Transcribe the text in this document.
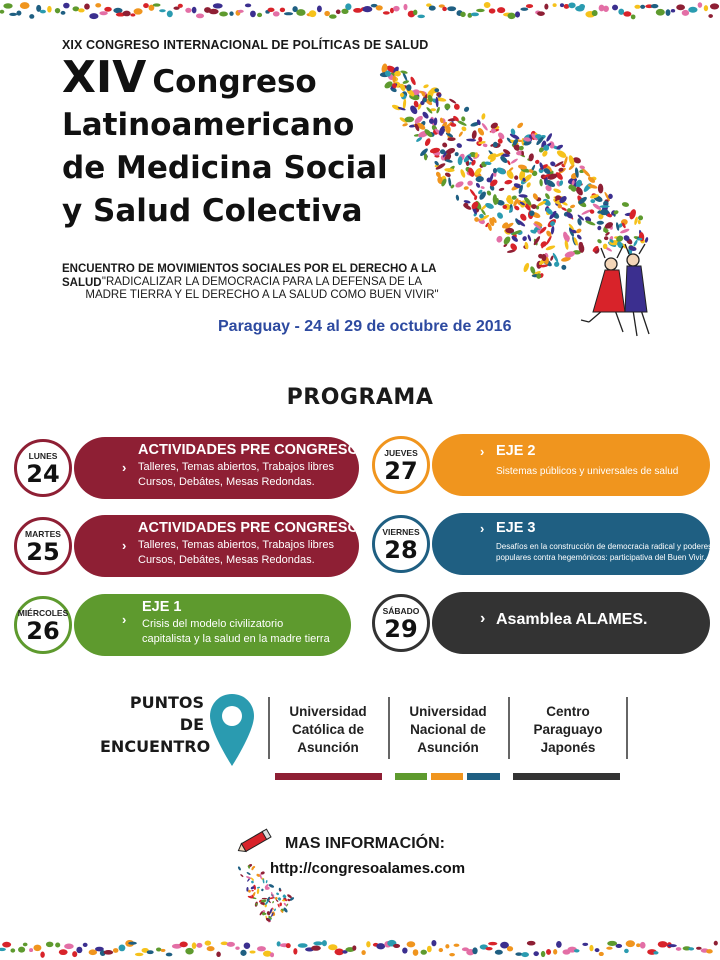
XIX CONGRESO INTERNACIONAL DE POLÍTICAS DE SALUD
XIV Congreso
Latinoamericano
de Medicina Social
y Salud Colectiva
ENCUENTRO DE MOVIMIENTOS SOCIALES POR EL DERECHO A LA SALUD "RADICALIZAR LA DEMOCRACIA PARA LA DEFENSA DE LA
MADRE TIERRA Y EL DERECHO A LA SALUD COMO BUEN VIVIR"
Paraguay - 24 al 29 de octubre de 2016
PROGRAMA
LUNES
24
ACTIVIDADES PRE CONGRESO
› Talleres, Temas abiertos, Trabajos libres
Cursos, Debátes, Mesas Redondas.
MARTES
25
ACTIVIDADES PRE CONGRESO
› Talleres, Temas abiertos, Trabajos libres
Cursos, Debátes, Mesas Redondas.
MIÉRCOLES
26
EJE 1
› Crisis del modelo civilizatorio
capitalista y la salud en la madre tierra
JUEVES
27
EJE 2
›
Sistemas públicos y universales de salud
VIERNES
28
EJE 3
›
Desafíos en la construcción de democracia radical y poderes
populares contra hegemónicos: participativa del Buen Vivir.
SÁBADO
29	› Asamblea ALAMES.
PUNTOS
DE
ENCUENTRO
Universidad
Católica de
Asunción
Universidad
Nacional de
Asunción
Centro
Paraguayo
Japonés
MAS INFORMACIÓN:
http://congresoalames.com
